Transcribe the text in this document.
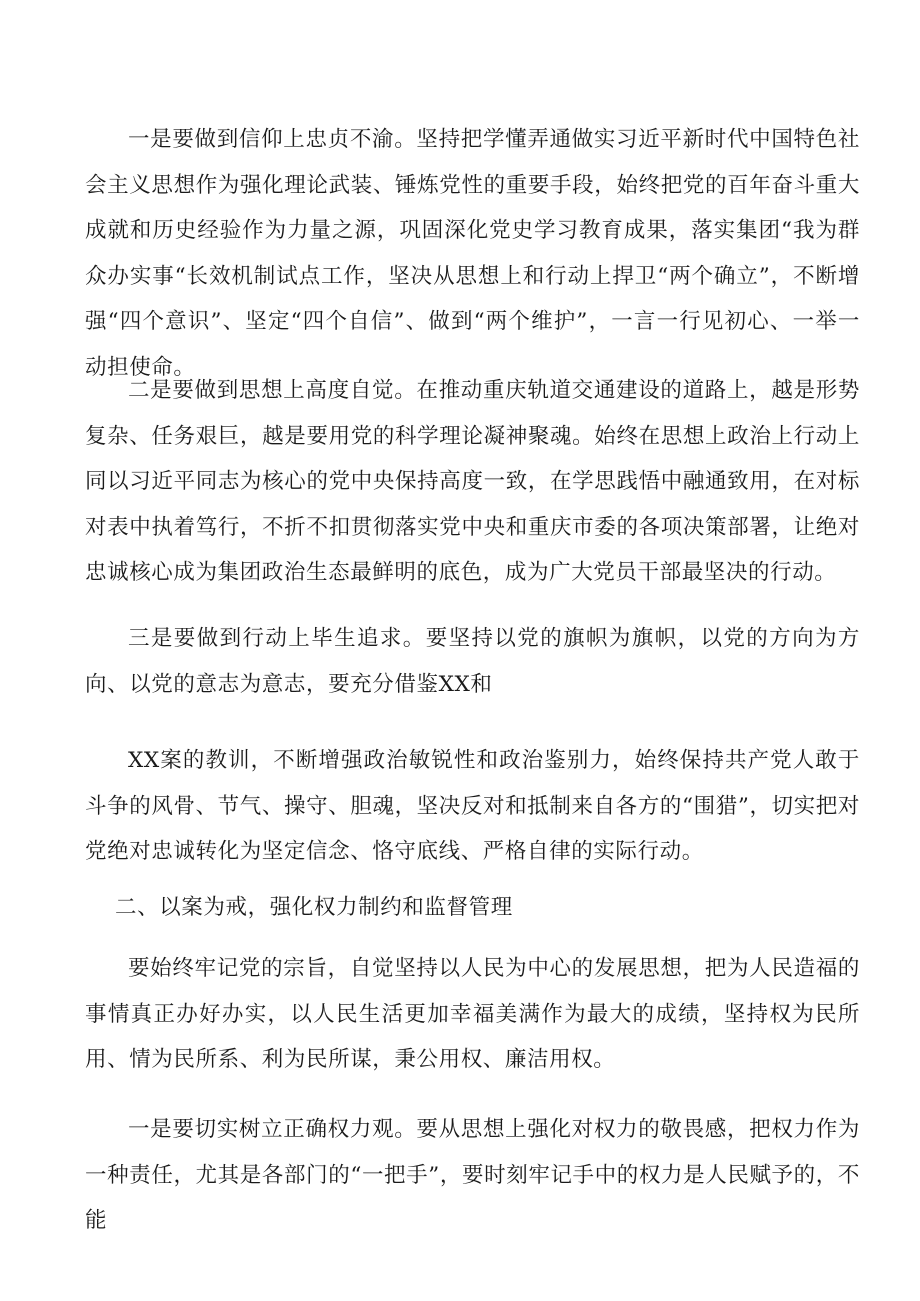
一是要做到信仰上忠贞不渝。坚持把学懂弄通做实习近平新时代中国特色社会主义思想作为强化理论武装、锤炼党性的重要手段，始终把党的百年奋斗重大成就和历史经验作为力量之源，巩固深化党史学习教育成果，落实集团“我为群众办实事“长效机制试点工作，坚决从思想上和行动上捍卫“两个确立”，不断增强“四个意识”、坚定“四个自信”、做到“两个维护”，一言一行见初心、一举一动担使命。

二是要做到思想上高度自觉。在推动重庆轨道交通建设的道路上，越是形势复杂、任务艰巨，越是要用党的科学理论凝神聚魂。始终在思想上政治上行动上同以习近平同志为核心的党中央保持高度一致，在学思践悟中融通致用，在对标对表中执着笃行，不折不扣贯彻落实党中央和重庆市委的各项决策部署，让绝对忠诚核心成为集团政治生态最鲜明的底色，成为广大党员干部最坚决的行动。

三是要做到行动上毕生追求。要坚持以党的旗帜为旗帜，以党的方向为方向、以党的意志为意志，要充分借鉴XX和

XX案的教训，不断增强政治敏锐性和政治鉴别力，始终保持共产党人敢于斗争的风骨、节气、操守、胆魂，坚决反对和抵制来自各方的“围猎”，切实把对党绝对忠诚转化为坚定信念、恪守底线、严格自律的实际行动。

二、以案为戒，强化权力制约和监督管理

要始终牢记党的宗旨，自觉坚持以人民为中心的发展思想，把为人民造福的事情真正办好办实，以人民生活更加幸福美满作为最大的成绩，坚持权为民所用、情为民所系、利为民所谋，秉公用权、廉洁用权。

一是要切实树立正确权力观。要从思想上强化对权力的敬畏感，把权力作为一种责任，尤其是各部门的“一把手”，要时刻牢记手中的权力是人民赋予的，不能
